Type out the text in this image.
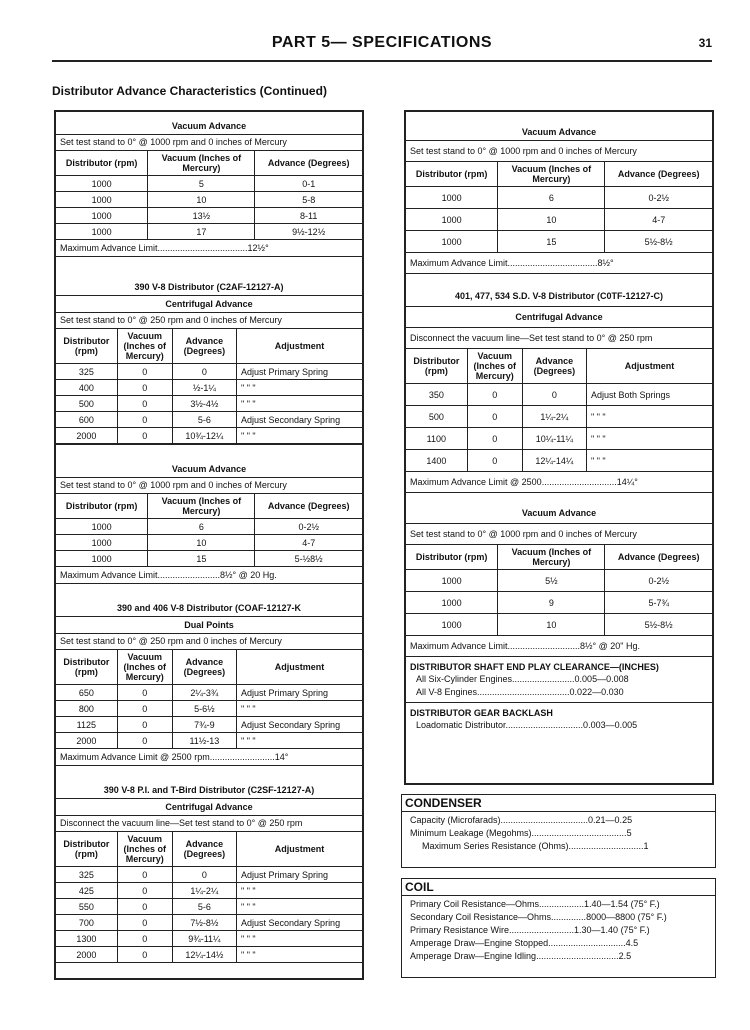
PART 5— SPECIFICATIONS	31
Distributor Advance Characteristics (Continued)
Vacuum Advance
Set test stand to 0° @ 1000 rpm and 0 inches of Mercury
Distributor (rpm)	Vacuum (Inches of Mercury)	Advance (Degrees)
1000	5	0-1
1000	10	5-8
1000	13½	8-11
1000	17	9½-12½
Maximum Advance Limit....................................12½°
390 V-8 Distributor (C2AF-12127-A)
Centrifugal Advance
Set test stand to 0° @ 250 rpm and 0 inches of Mercury
Distributor (rpm)	Vacuum (Inches of Mercury)	Advance (Degrees)	Adjustment
325	0	0	Adjust Primary Spring
400	0	½-1¼	" " "
500	0	3½-4½	" " "
600	0	5-6	Adjust Secondary Spring
2000	0	10¾-12¼	" " "
Vacuum Advance
Set test stand to 0° @ 1000 rpm and 0 inches of Mercury
Distributor (rpm)	Vacuum (Inches of Mercury)	Advance (Degrees)
1000	6	0-2½
1000	10	4-7
1000	15	5-½8½
Maximum Advance Limit.........................8½° @ 20 Hg.
390 and 406 V-8 Distributor (COAF-12127-K
Dual Points
Set test stand to 0° @ 250 rpm and 0 inches of Mercury
Distributor (rpm)	Vacuum (Inches of Mercury)	Advance (Degrees)	Adjustment
650	0	2¼-3¾	Adjust Primary Spring
800	0	5-6½	" " "
1125	0	7¾-9	Adjust Secondary Spring
2000	0	11½-13	" " "
Maximum Advance Limit @ 2500 rpm..........................14°
390 V-8 P.I. and T-Bird Distributor (C2SF-12127-A)
Centrifugal Advance
Disconnect the vacuum line—Set test stand to 0° @ 250 rpm
Distributor (rpm)	Vacuum (Inches of Mercury)	Advance (Degrees)	Adjustment
325	0	0	Adjust Primary Spring
425	0	1¼-2¼	" " "
550	0	5-6	" " "
700	0	7½-8½	Adjust Secondary Spring
1300	0	9¾-11¼	" " "
2000	0	12¼-14½	" " "
Vacuum Advance
Set test stand to 0° @ 1000 rpm and 0 inches of Mercury
Distributor (rpm)	Vacuum (Inches of Mercury)	Advance (Degrees)
1000	6	0-2½
1000	10	4-7
1000	15	5½-8½
Maximum Advance Limit....................................8½°
401, 477, 534 S.D. V-8 Distributor (C0TF-12127-C)
Centrifugal Advance
Disconnect the vacuum line—Set test stand to 0° @ 250 rpm
Distributor (rpm)	Vacuum (Inches of Mercury)	Advance (Degrees)	Adjustment
350	0	0	Adjust Both Springs
500	0	1¼-2¼	" " "
1100	0	10¼-11¼	" " "
1400	0	12¼-14¼	" " "
Maximum Advance Limit @ 2500..............................14¼°
Vacuum Advance
Set test stand to 0° @ 1000 rpm and 0 inches of Mercury
Distributor (rpm)	Vacuum (Inches of Mercury)	Advance (Degrees)
1000	5½	0-2½
1000	9	5-7¾
1000	10	5½-8½
Maximum Advance Limit.............................8½° @ 20" Hg.
DISTRIBUTOR SHAFT END PLAY CLEARANCE—(INCHES)
All Six-Cylinder Engines.........................0.005—0.008
All V-8 Engines.....................................0.022—0.030
DISTRIBUTOR GEAR BACKLASH
Loadomatic Distributor...............................0.003—0.005
CONDENSER
Capacity (Microfarads)...................................0.21—0.25
Minimum Leakage (Megohms)......................................5
Maximum Series Resistance (Ohms)..............................1
COIL
Primary Coil Resistance—Ohms..................1.40—1.54 (75° F.)
Secondary Coil Resistance—Ohms..............8000—8800 (75° F.)
Primary Resistance Wire..........................1.30—1.40 (75° F.)
Amperage Draw—Engine Stopped...............................4.5
Amperage Draw—Engine Idling.................................2.5
